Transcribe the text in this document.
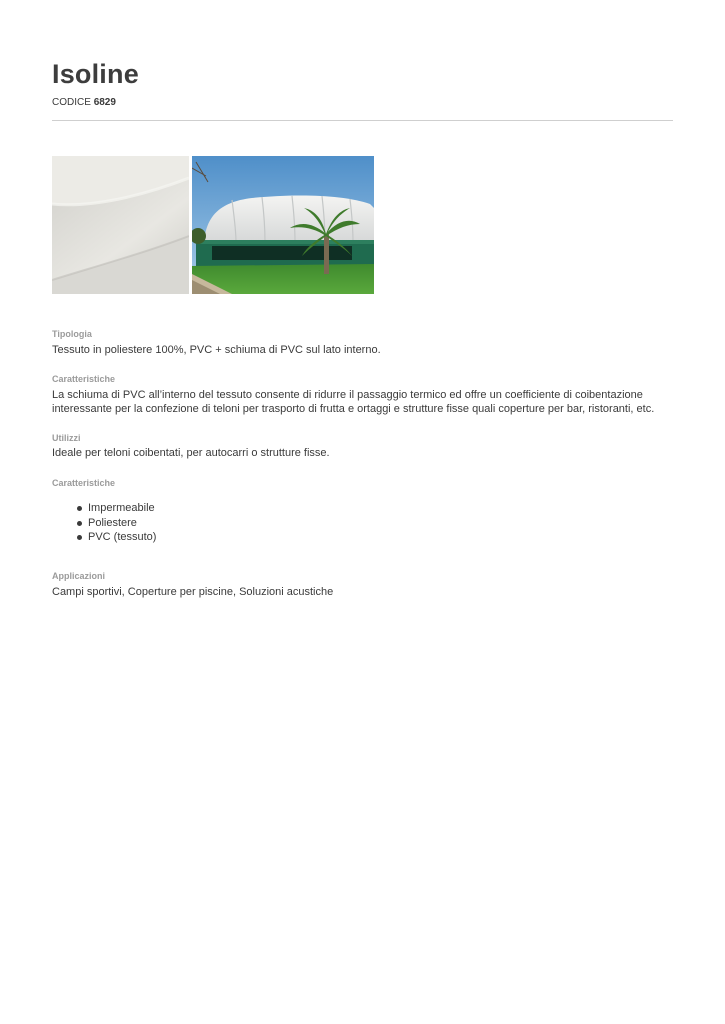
Isoline
CODICE 6829
Tipologia

Tessuto in poliestere 100%, PVC + schiuma di PVC sul lato interno.

Caratteristiche

La schiuma di PVC all’interno del tessuto consente di ridurre il passaggio termico ed offre un coefficiente di coibentazione interessante per la confezione di teloni per trasporto di frutta e ortaggi e strutture fisse quali coperture per bar, ristoranti, etc.

Utilizzi

Ideale per teloni coibentati, per autocarri o strutture fisse.

Caratteristiche
Impermeabile
Poliestere
PVC (tessuto)
Applicazioni

Campi sportivi, Coperture per piscine, Soluzioni acustiche
